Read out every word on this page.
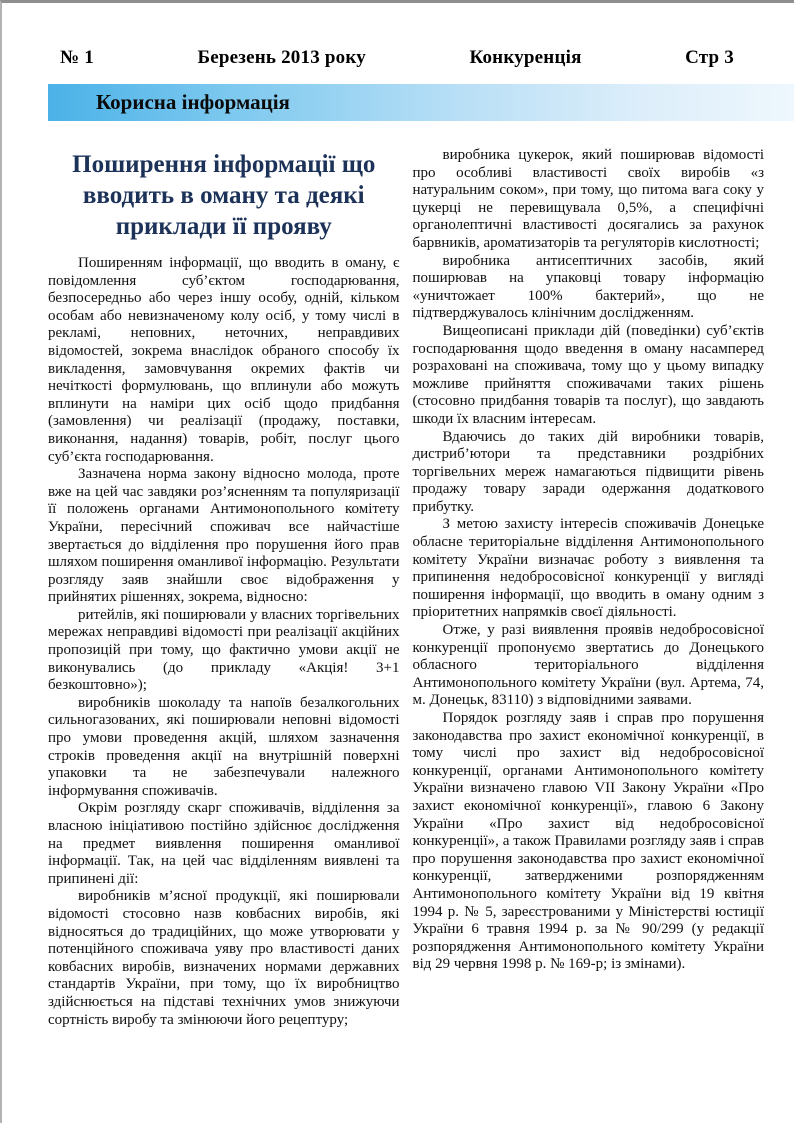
№ 1	Березень 2013 року	Конкуренція	Стр 3
Корисна інформація
Поширення інформації що вводить в оману та деякі приклади її прояву

Поширенням інформації, що вводить в оману, є повідомлення суб’єктом господарювання, безпосередньо або через іншу особу, одній, кільком особам або невизначеному колу осіб, у тому числі в рекламі, неповних, неточних, неправдивих відомостей, зокрема внаслідок обраного способу їх викладення, замовчування окремих фактів чи нечіткості формулювань, що вплинули або можуть вплинути на наміри цих осіб щодо придбання (замовлення) чи реалізації (продажу, поставки, виконання, надання) товарів, робіт, послуг цього суб’єкта господарювання.

Зазначена норма закону відносно молода, проте вже на цей час завдяки роз’ясненням та популяризації її положень органами Антимонопольного комітету України, пересічний споживач все найчастіше звертається до відділення про порушення його прав шляхом поширення оманливої інформацію. Результати розгляду заяв знайшли своє відображення у прийнятих рішеннях, зокрема, відносно:

ритейлів, які поширювали у власних торгівельних мережах неправдиві відомості при реалізації акційних пропозицій при тому, що фактично умови акції не виконувались (до прикладу «Акція! 3+1 безкоштовно»);

виробників шоколаду та напоїв безалкогольних сильногазованих, які поширювали неповні відомості про умови проведення акцій, шляхом зазначення строків проведення акції на внутрішній поверхні упаковки та не забезпечували належного інформування споживачів.

Окрім розгляду скарг споживачів, відділення за власною ініціативою постійно здійснює дослідження на предмет виявлення поширення оманливої інформації. Так, на цей час відділенням виявлені та припинені дії:

виробників м’ясної продукції, які поширювали відомості стосовно назв ковбасних виробів, які відносяться до традиційних, що може утворювати у потенційного споживача уяву про властивості даних ковбасних виробів, визначених нормами державних стандартів України, при тому, що їх виробництво здійснюється на підставі технічних умов знижуючи сортність виробу та змінюючи його рецептуру;

виробника цукерок, який поширював відомості про особливі властивості своїх виробів «з натуральним соком», при тому, що питома вага соку у цукерці не перевищувала 0,5%, а специфічні органолептичні властивості досягались за рахунок барвників, ароматизаторів та регуляторів кислотності;

виробника антисептичних засобів, який поширював на упаковці товару інформацію «уничтожает 100% бактерий», що не підтверджувалось клінічним дослідженням.

Вищеописані приклади дій (поведінки) суб’єктів господарювання щодо введення в оману насамперед розраховані на споживача, тому що у цьому випадку можливе прийняття споживачами таких рішень (стосовно придбання товарів та послуг), що завдають шкоди їх власним інтересам.

Вдаючись до таких дій виробники товарів, дистриб’ютори та представники роздрібних торгівельних мереж намагаються підвищити рівень продажу товару заради одержання додаткового прибутку.

З метою захисту інтересів споживачів Донецьке обласне територіальне відділення Антимонопольного комітету України визначає роботу з виявлення та припинення недобросовісної конкуренції у вигляді поширення інформації, що вводить в оману одним з пріоритетних напрямків своєї діяльності.

Отже, у разі виявлення проявів недобросовісної конкуренції пропонуємо звертатись до Донецького обласного територіального відділення Антимонопольного комітету України (вул. Артема, 74, м. Донецьк, 83110) з відповідними заявами.

Порядок розгляду заяв і справ про порушення законодавства про захист економічної конкуренції, в тому числі про захист від недобросовісної конкуренції, органами Антимонопольного комітету України визначено главою VII Закону України «Про захист економічної конкуренції», главою 6 Закону України «Про захист від недобросовісної конкуренції», а також Правилами розгляду заяв і справ про порушення законодавства про захист економічної конкуренції, затвердженими розпорядженням Антимонопольного комітету України від 19 квітня 1994 р. № 5, зареєстрованими у Міністерстві юстиції України 6 травня 1994 р. за № 90/299 (у редакції розпорядження Антимонопольного комітету України від 29 червня 1998 р. № 169-р; із змінами).
